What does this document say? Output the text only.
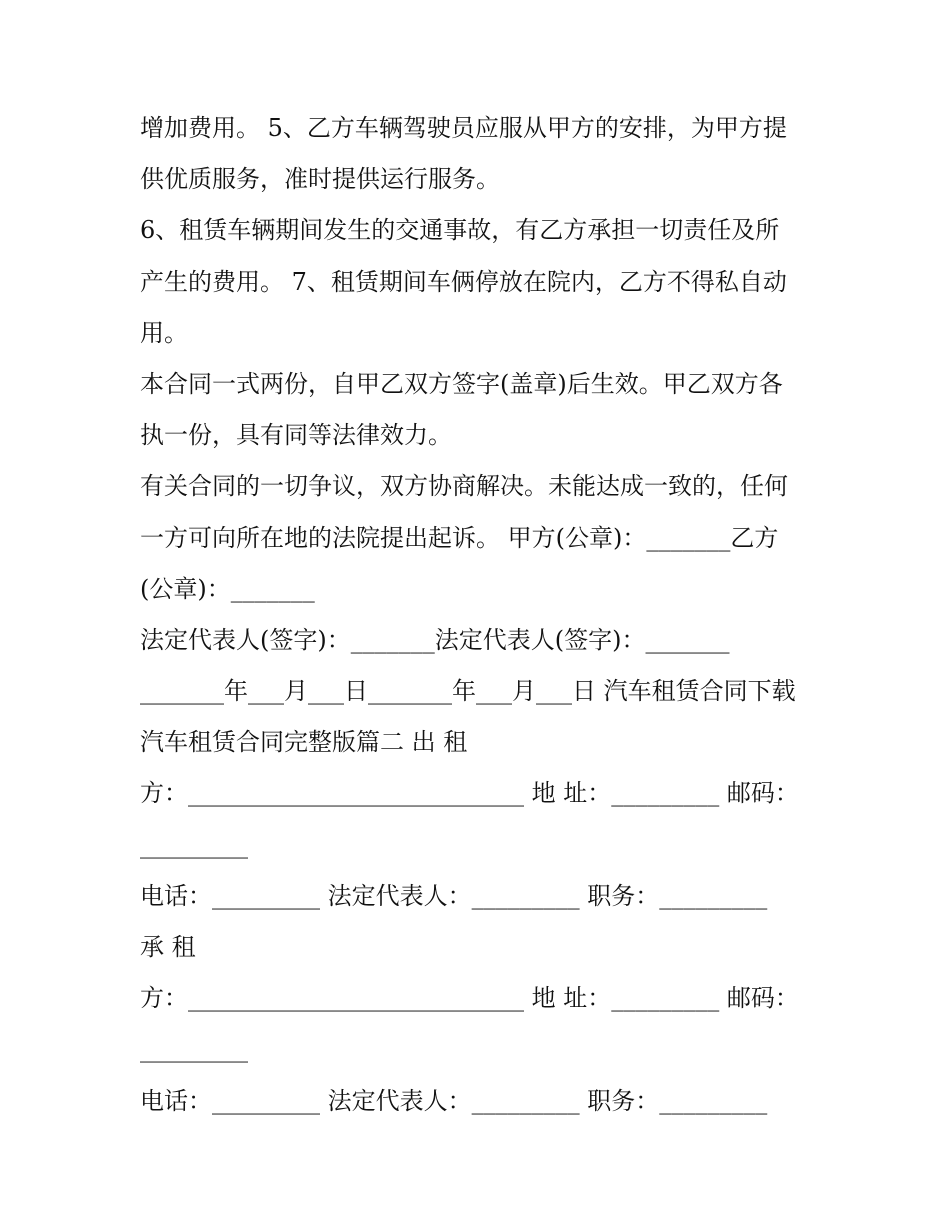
增加费用。 5、乙方车辆驾驶员应服从甲方的安排，为甲方提
供优质服务，准时提供运行服务。
6、租赁车辆期间发生的交通事故，有乙方承担一切责任及所
产生的费用。 7、租赁期间车俩停放在院内，乙方不得私自动
用。
本合同一式两份，自甲乙双方签字(盖章)后生效。甲乙双方各
执一份，具有同等法律效力。
有关合同的一切争议，双方协商解决。未能达成一致的，任何
一方可向所在地的法院提出起诉。 甲方(公章)：_______乙方
(公章)：_______
法定代表人(签字)：_______法定代表人(签字)：_______
_______年___月___日_______年___月___日 汽车租赁合同下载
汽车租赁合同完整版篇二 出 租
方：____________________________ 地 址：_________ 邮码：
_________
电话：_________ 法定代表人：_________ 职务：_________
承 租
方：____________________________ 地 址：_________ 邮码：
_________
电话：_________ 法定代表人：_________ 职务：_________
